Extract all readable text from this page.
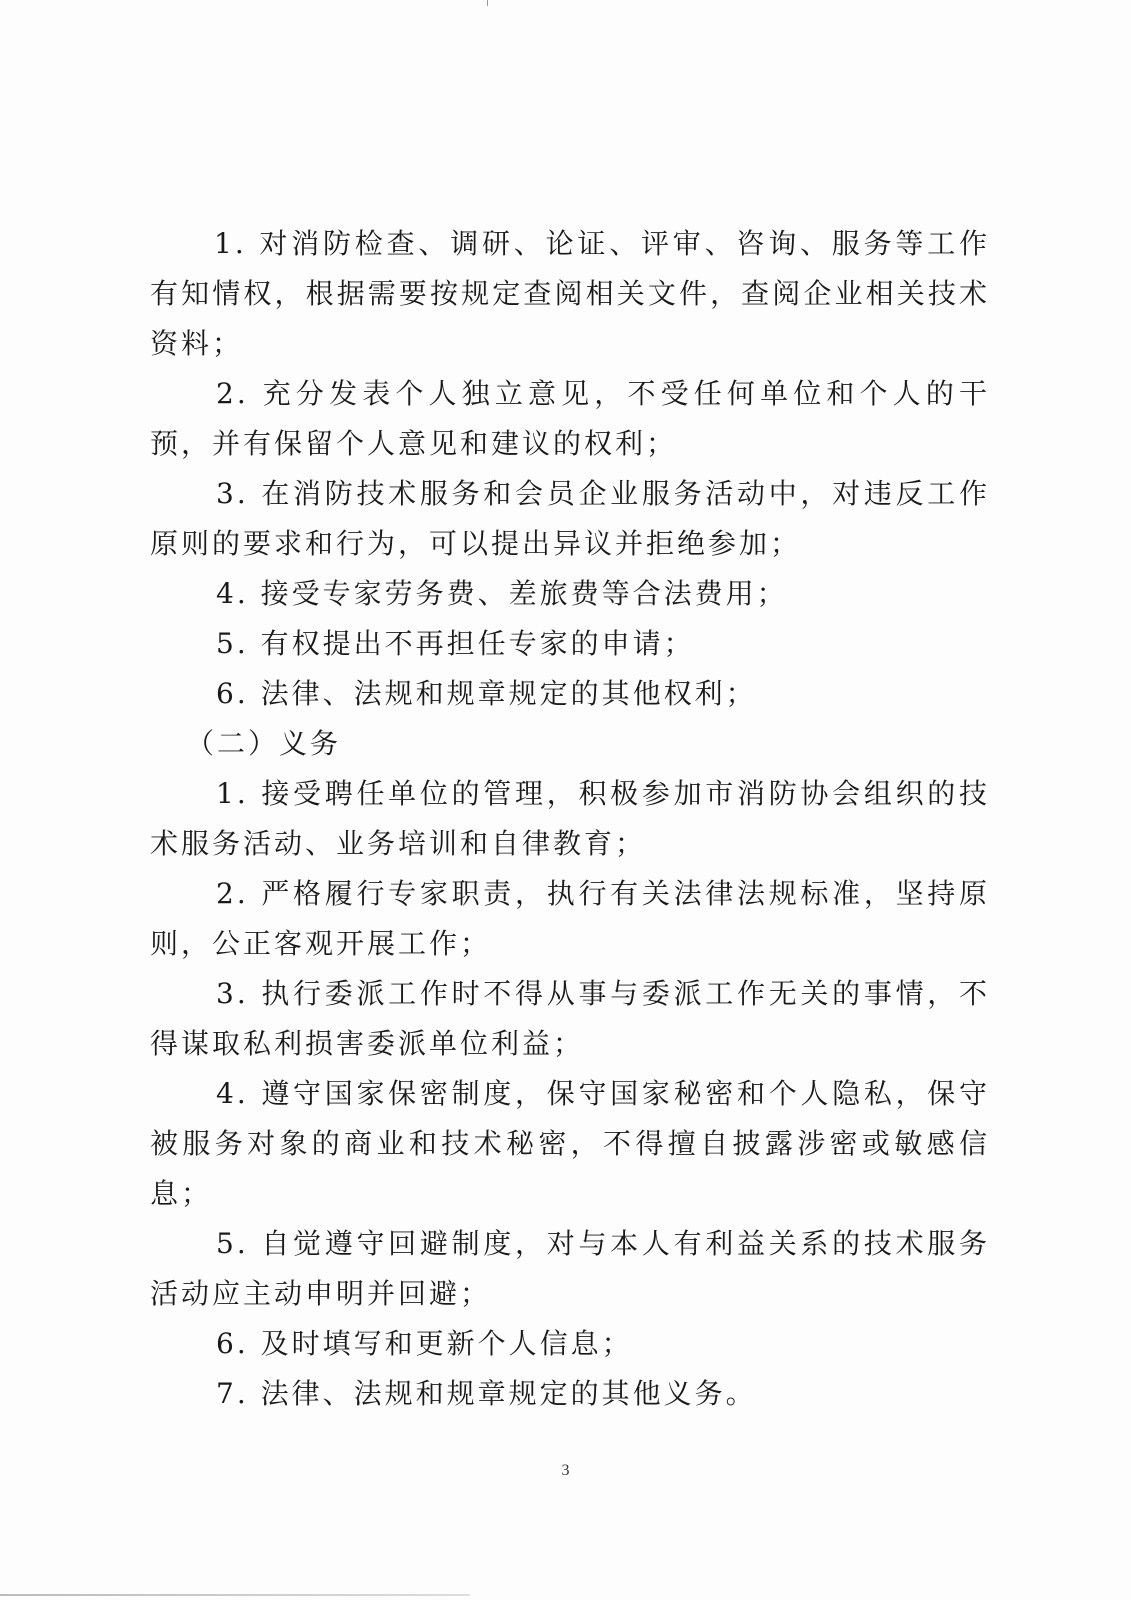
1. 对消防检查、调研、论证、评审、咨询、服务等工作有知情权，根据需要按规定查阅相关文件，查阅企业相关技术资料；

2. 充分发表个人独立意见，不受任何单位和个人的干预，并有保留个人意见和建议的权利；

3. 在消防技术服务和会员企业服务活动中，对违反工作原则的要求和行为，可以提出异议并拒绝参加；

4. 接受专家劳务费、差旅费等合法费用；

5. 有权提出不再担任专家的申请；

6. 法律、法规和规章规定的其他权利；

（二）义务

1. 接受聘任单位的管理，积极参加市消防协会组织的技术服务活动、业务培训和自律教育；

2. 严格履行专家职责，执行有关法律法规标准，坚持原则，公正客观开展工作；

3. 执行委派工作时不得从事与委派工作无关的事情，不得谋取私利损害委派单位利益；

4. 遵守国家保密制度，保守国家秘密和个人隐私，保守被服务对象的商业和技术秘密，不得擅自披露涉密或敏感信息；

5. 自觉遵守回避制度，对与本人有利益关系的技术服务活动应主动申明并回避；

6. 及时填写和更新个人信息；

7. 法律、法规和规章规定的其他义务。

3
